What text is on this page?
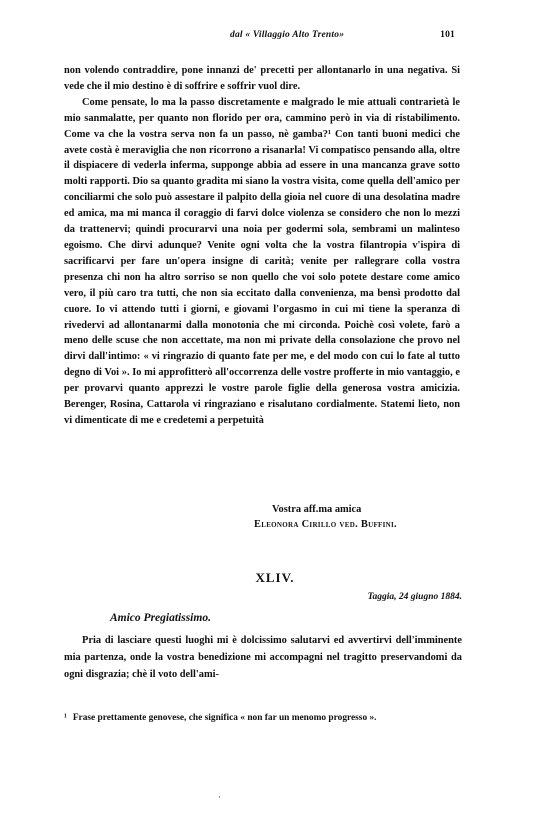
dal « Villaggio Alto Trento»	101

non volendo contraddire, pone innanzi de' precetti per allontanarlo in una negativa. Si vede che il mio destino è di soffrire e soffrir vuol dire.

Come pensate, lo ma la passo discretamente e malgrado le mie attuali contrarietà le mio sanmalatte, per quanto non florido per ora, cammino però in via di ristabilimento. Come va che la vostra serva non fa un passo, nè gamba?¹ Con tanti buoni medici che avete costà è meraviglia che non ricorrono a risanarla! Vi compatisco pensando alla, oltre il dispiacere di vederla inferma, supponge abbia ad essere in una mancanza grave sotto molti rapporti. Dio sa quanto gradita mi siano la vostra visita, come quella dell'amico per conciliarmi che solo può assestare il palpito della gioia nel cuore di una desolatina madre ed amica, ma mi manca il coraggio di farvi dolce violenza se considero che non lo mezzi da trattenervi; quindi procurarvi una noia per godermi sola, sembrami un malinteso egoismo. Che dirvi adunque? Venite ogni volta che la vostra filantropia v'ispira di sacrificarvi per fare un'opera insigne di carità; venite per rallegrare colla vostra presenza chi non ha altro sorriso se non quello che voi solo potete destare come amico vero, il più caro tra tutti, che non sia eccitato dalla convenienza, ma bensì prodotto dal cuore. Io vi attendo tutti i giorni, e giovami l'orgasmo in cui mi tiene la speranza di rivedervi ad allontanarmi dalla monotonia che mi circonda. Poichè così volete, farò a meno delle scuse che non accettate, ma non mi private della consolazione che provo nel dirvi dall'intimo: « vi ringrazio di quanto fate per me, e del modo con cui lo fate al tutto degno di Voi ». Io mi approfitterò all'occorrenza delle vostre profferte in mio vantaggio, e per provarvi quanto apprezzi le vostre parole figlie della generosa vostra amicizia. Berenger, Rosina, Cattarola vi ringraziano e risalutano cordialmente. Statemi lieto, non vi dimenticate di me e credetemi a perpetuità

Vostra aff.ma amica
Eleonora Cirillo ved. Buffini.
XLIV.
Taggia, 24 giugno 1884.
Amico Pregiatissimo.

Pria di lasciare questi luoghi mi è dolcissimo salutarvi ed avvertirvi dell'imminente mia partenza, onde la vostra benedizione mi accompagni nel tragitto preservandomi da ogni disgrazia; chè il voto dell'ami-

¹ Frase prettamente genovese, che significa « non far un menomo progresso ».
·
